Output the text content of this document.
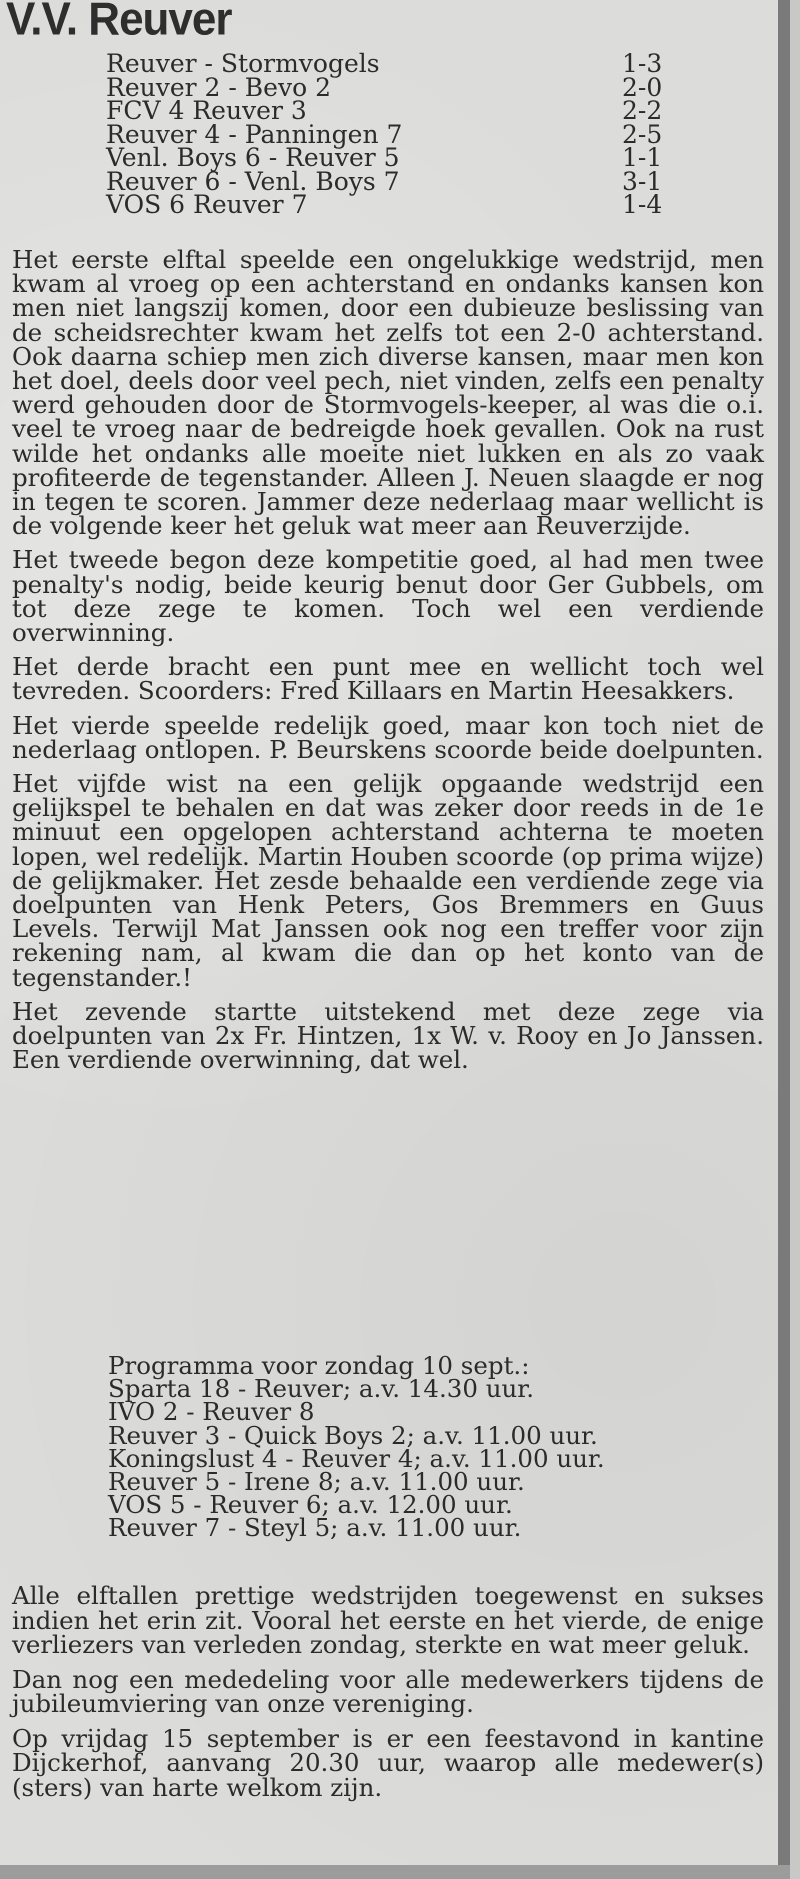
V.V. Reuver
Reuver - Stormvogels	1-3
Reuver 2 - Bevo 2	2-0
FCV 4 Reuver 3	2-2
Reuver 4 - Panningen 7	2-5
Venl. Boys 6 - Reuver 5	1-1
Reuver 6 - Venl. Boys 7	3-1
VOS 6 Reuver 7	1-4

Het eerste elftal speelde een ongelukkige wedstrijd, men kwam al vroeg op een achterstand en ondanks kansen kon men niet langszij komen, door een dubieuze beslissing van de scheidsrechter kwam het zelfs tot een 2-0 achterstand. Ook daarna schiep men zich diverse kansen, maar men kon het doel, deels door veel pech, niet vinden, zelfs een penalty werd gehouden door de Stormvogels-keeper, al was die o.i. veel te vroeg naar de bedreigde hoek gevallen. Ook na rust wilde het ondanks alle moeite niet lukken en als zo vaak profiteerde de tegenstander. Alleen J. Neuen slaagde er nog in tegen te scoren. Jammer deze nederlaag maar wellicht is de volgende keer het geluk wat meer aan Reuverzijde.

Het tweede begon deze kompetitie goed, al had men twee penalty's nodig, beide keurig benut door Ger Gubbels, om tot deze zege te komen. Toch wel een verdiende overwinning.

Het derde bracht een punt mee en wellicht toch wel tevreden. Scoorders: Fred Killaars en Martin Heesakkers.

Het vierde speelde redelijk goed, maar kon toch niet de nederlaag ontlopen. P. Beurskens scoorde beide doelpunten.

Het vijfde wist na een gelijk opgaande wedstrijd een gelijkspel te behalen en dat was zeker door reeds in de 1e minuut een opgelopen achterstand achterna te moeten lopen, wel redelijk. Martin Houben scoorde (op prima wijze) de gelijkmaker. Het zesde behaalde een verdiende zege via doelpunten van Henk Peters, Gos Bremmers en Guus Levels. Terwijl Mat Janssen ook nog een treffer voor zijn rekening nam, al kwam die dan op het konto van de tegenstander.!

Het zevende startte uitstekend met deze zege via doelpunten van 2x Fr. Hintzen, 1x W. v. Rooy en Jo Janssen. Een verdiende overwinning, dat wel.

Programma voor zondag 10 sept.:
Sparta 18 - Reuver; a.v. 14.30 uur.
IVO 2 - Reuver 8
Reuver 3 - Quick Boys 2; a.v. 11.00 uur.
Koningslust 4 - Reuver 4; a.v. 11.00 uur.
Reuver 5 - Irene 8; a.v. 11.00 uur.
VOS 5 - Reuver 6; a.v. 12.00 uur.
Reuver 7 - Steyl 5; a.v. 11.00 uur.

Alle elftallen prettige wedstrijden toegewenst en sukses indien het erin zit. Vooral het eerste en het vierde, de enige verliezers van verleden zondag, sterkte en wat meer geluk.

Dan nog een mededeling voor alle medewerkers tijdens de jubileumviering van onze vereniging.

Op vrijdag 15 september is er een feestavond in kantine Dijckerhof, aanvang 20.30 uur, waarop alle medewer(s)(sters) van harte welkom zijn.
